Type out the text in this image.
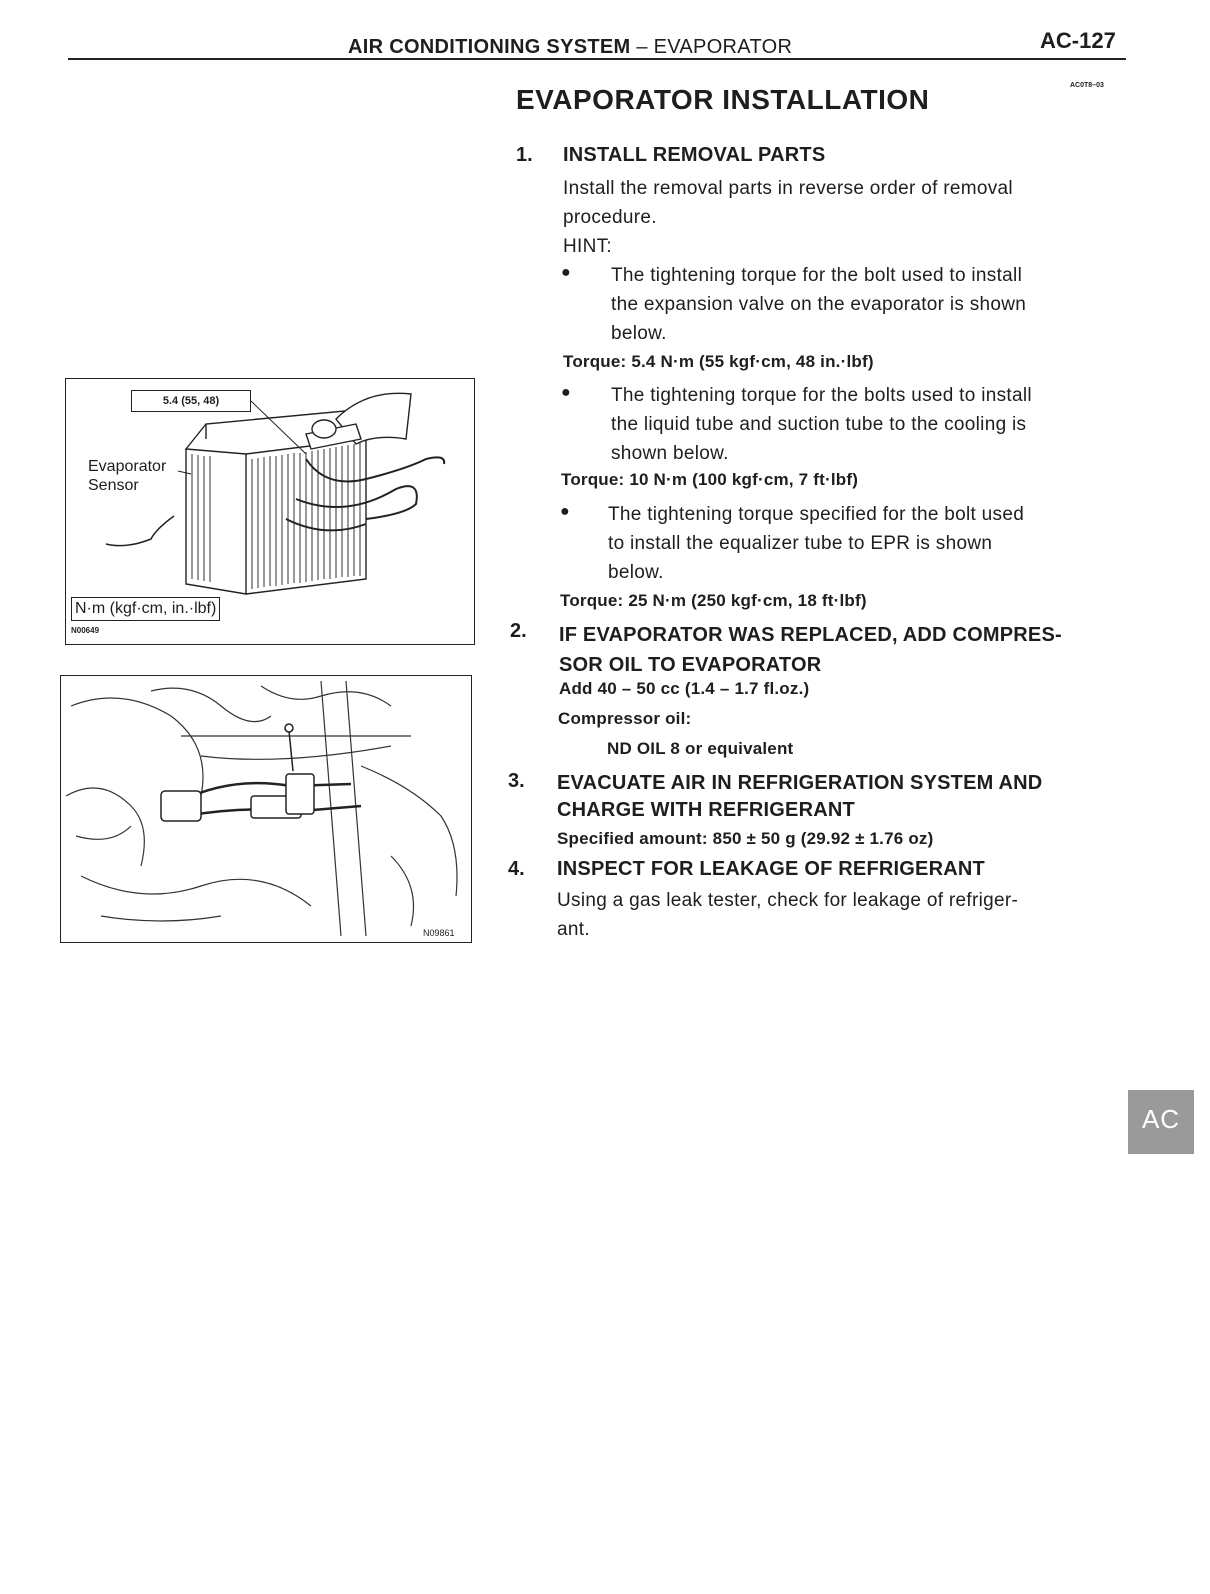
AIR CONDITIONING SYSTEM – EVAPORATOR	AC-127
AC0T8–03
EVAPORATOR INSTALLATION
1. INSTALL REMOVAL PARTS
Install the removal parts in reverse order of removal
procedure.
HINT:
● The tightening torque for the bolt used to install
the expansion valve on the evaporator is shown
below.
Torque: 5.4 N·m (55 kgf·cm, 48 in.·lbf)
● The tightening torque for the bolts used to install
the liquid tube and suction tube to the cooling is
shown below.
Torque: 10 N·m (100 kgf·cm, 7 ft·lbf)
● The tightening torque specified for the bolt used
to install the equalizer tube to EPR is shown
below.
Torque: 25 N·m (250 kgf·cm, 18 ft·lbf)
2. IF EVAPORATOR WAS REPLACED, ADD COMPRES-
SOR OIL TO EVAPORATOR
Add 40 – 50 cc (1.4 – 1.7 fl.oz.)
Compressor oil:
ND OIL 8 or equivalent
3. EVACUATE AIR IN REFRIGERATION SYSTEM AND
CHARGE WITH REFRIGERANT
Specified amount: 850 ± 50 g (29.92 ± 1.76 oz)
4. INSPECT FOR LEAKAGE OF REFRIGERANT
Using a gas leak tester, check for leakage of refriger-
ant.
5.4 (55, 48)
Evaporator
Sensor
N·m (kgf·cm, in.·lbf)
N00649
N09861
AC
